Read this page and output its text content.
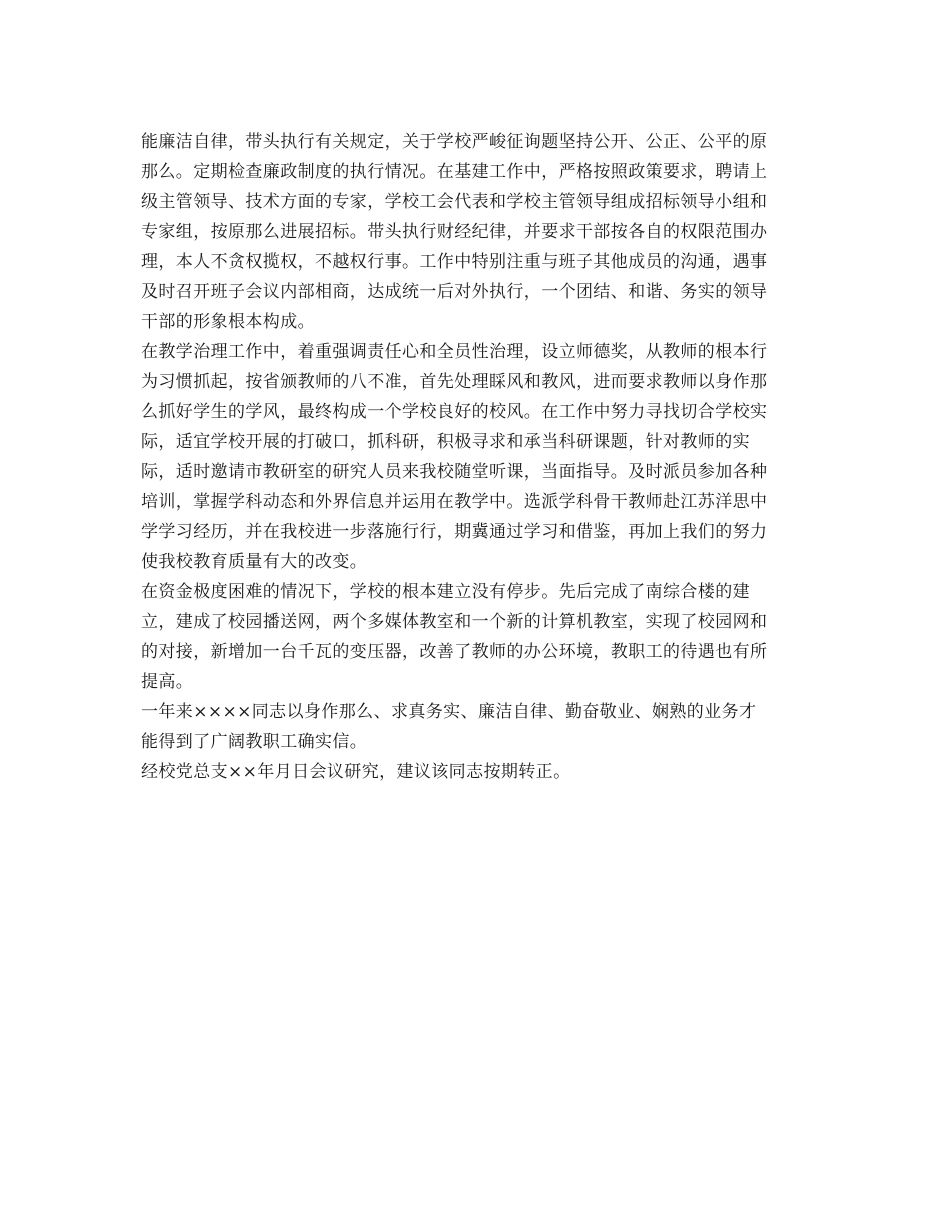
能廉洁自律，带头执行有关规定，关于学校严峻征询题坚持公开、公正、公平的原
那么。定期检查廉政制度的执行情况。在基建工作中，严格按照政策要求，聘请上
级主管领导、技术方面的专家，学校工会代表和学校主管领导组成招标领导小组和
专家组，按原那么进展招标。带头执行财经纪律，并要求干部按各自的权限范围办
理，本人不贪权揽权，不越权行事。工作中特别注重与班子其他成员的沟通，遇事
及时召开班子会议内部相商，达成统一后对外执行，一个团结、和谐、务实的领导
干部的形象根本构成。
在教学治理工作中，着重强调责任心和全员性治理，设立师德奖，从教师的根本行
为习惯抓起，按省颁教师的八不准，首先处理睬风和教风，进而要求教师以身作那
么抓好学生的学风，最终构成一个学校良好的校风。在工作中努力寻找切合学校实
际，适宜学校开展的打破口，抓科研，积极寻求和承当科研课题，针对教师的实
际，适时邀请市教研室的研究人员来我校随堂听课，当面指导。及时派员参加各种
培训，掌握学科动态和外界信息并运用在教学中。选派学科骨干教师赴江苏洋思中
学学习经历，并在我校进一步落施行行，期冀通过学习和借鉴，再加上我们的努力
使我校教育质量有大的改变。
在资金极度困难的情况下，学校的根本建立没有停步。先后完成了南综合楼的建
立，建成了校园播送网，两个多媒体教室和一个新的计算机教室，实现了校园网和
的对接，新增加一台千瓦的变压器，改善了教师的办公环境，教职工的待遇也有所
提高。
一年来××××同志以身作那么、求真务实、廉洁自律、勤奋敬业、娴熟的业务才
能得到了广阔教职工确实信。
经校党总支××年月日会议研究，建议该同志按期转正。
